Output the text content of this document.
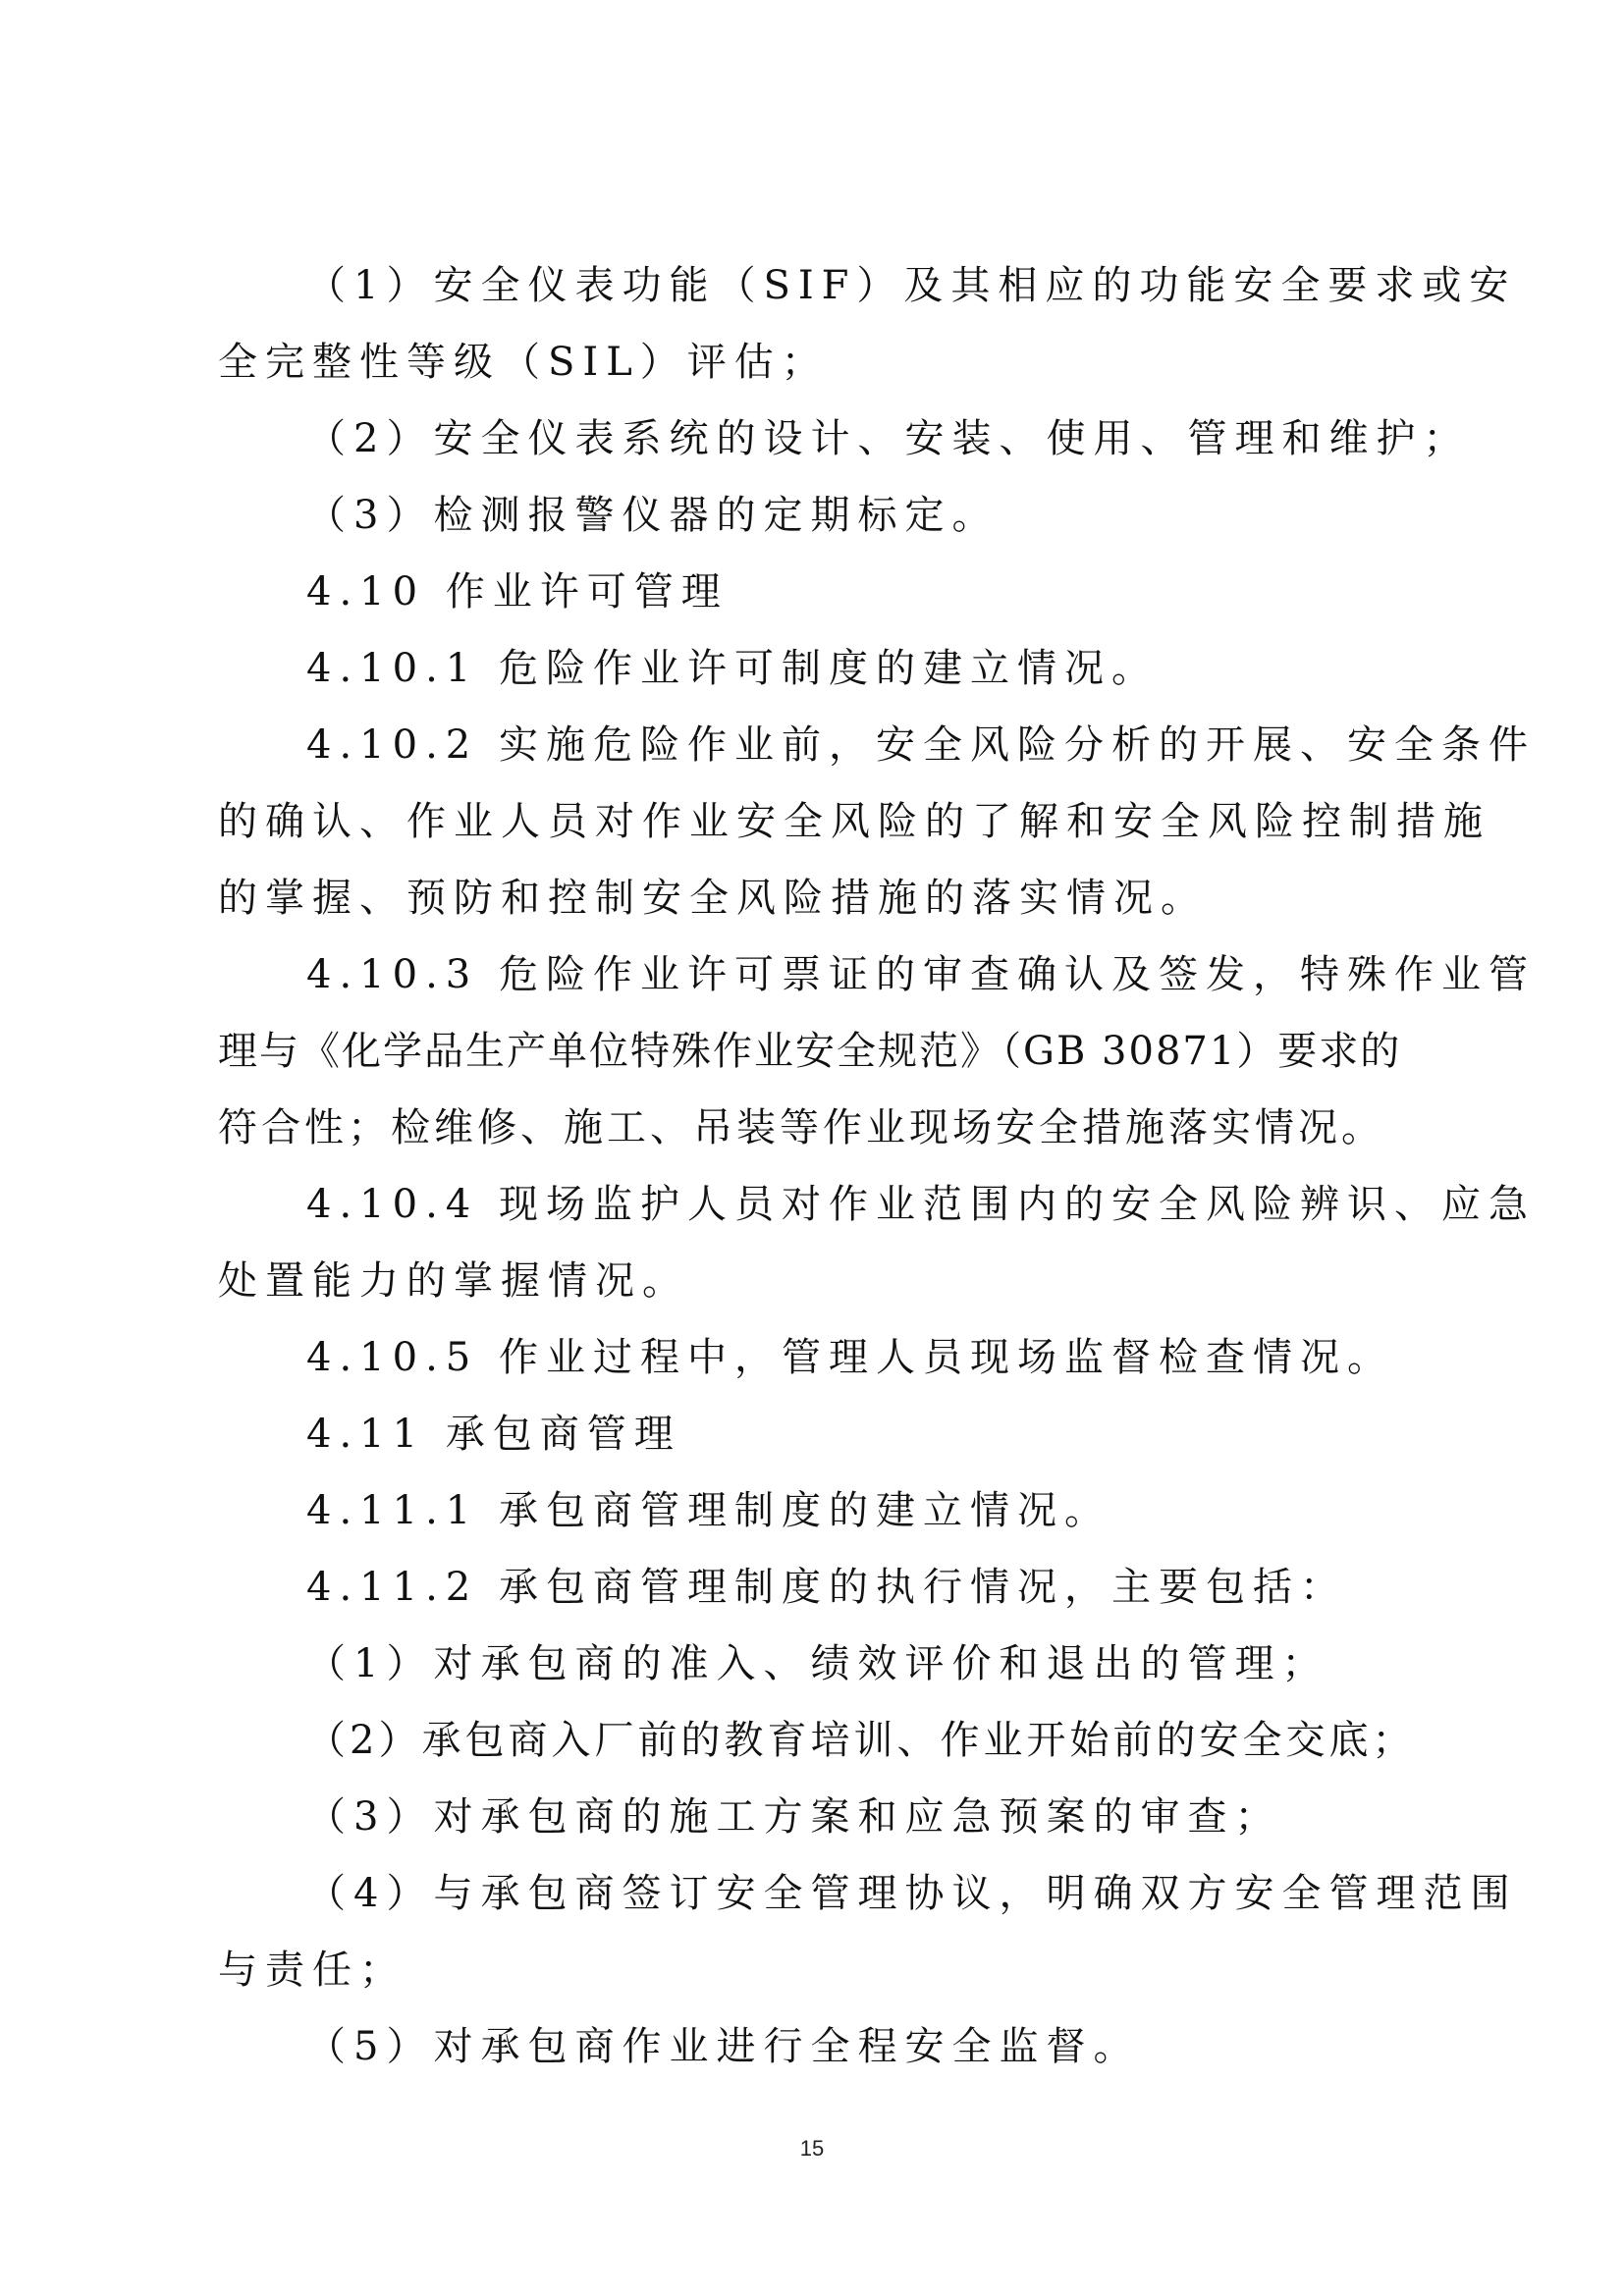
（1）安全仪表功能（SIF）及其相应的功能安全要求或安
全完整性等级（SIL）评估；
（2）安全仪表系统的设计、安装、使用、管理和维护；
（3）检测报警仪器的定期标定。
4.10 作业许可管理
4.10.1 危险作业许可制度的建立情况。
4.10.2 实施危险作业前，安全风险分析的开展、安全条件
的确认、作业人员对作业安全风险的了解和安全风险控制措施
的掌握、预防和控制安全风险措施的落实情况。
4.10.3 危险作业许可票证的审查确认及签发，特殊作业管
理与《化学品生产单位特殊作业安全规范》（GB 30871）要求的
符合性；检维修、施工、吊装等作业现场安全措施落实情况。
4.10.4 现场监护人员对作业范围内的安全风险辨识、应急
处置能力的掌握情况。
4.10.5 作业过程中，管理人员现场监督检查情况。
4.11 承包商管理
4.11.1 承包商管理制度的建立情况。
4.11.2 承包商管理制度的执行情况，主要包括：
（1）对承包商的准入、绩效评价和退出的管理；
（2）承包商入厂前的教育培训、作业开始前的安全交底；
（3）对承包商的施工方案和应急预案的审查；
（4）与承包商签订安全管理协议，明确双方安全管理范围
与责任；
（5）对承包商作业进行全程安全监督。
15
